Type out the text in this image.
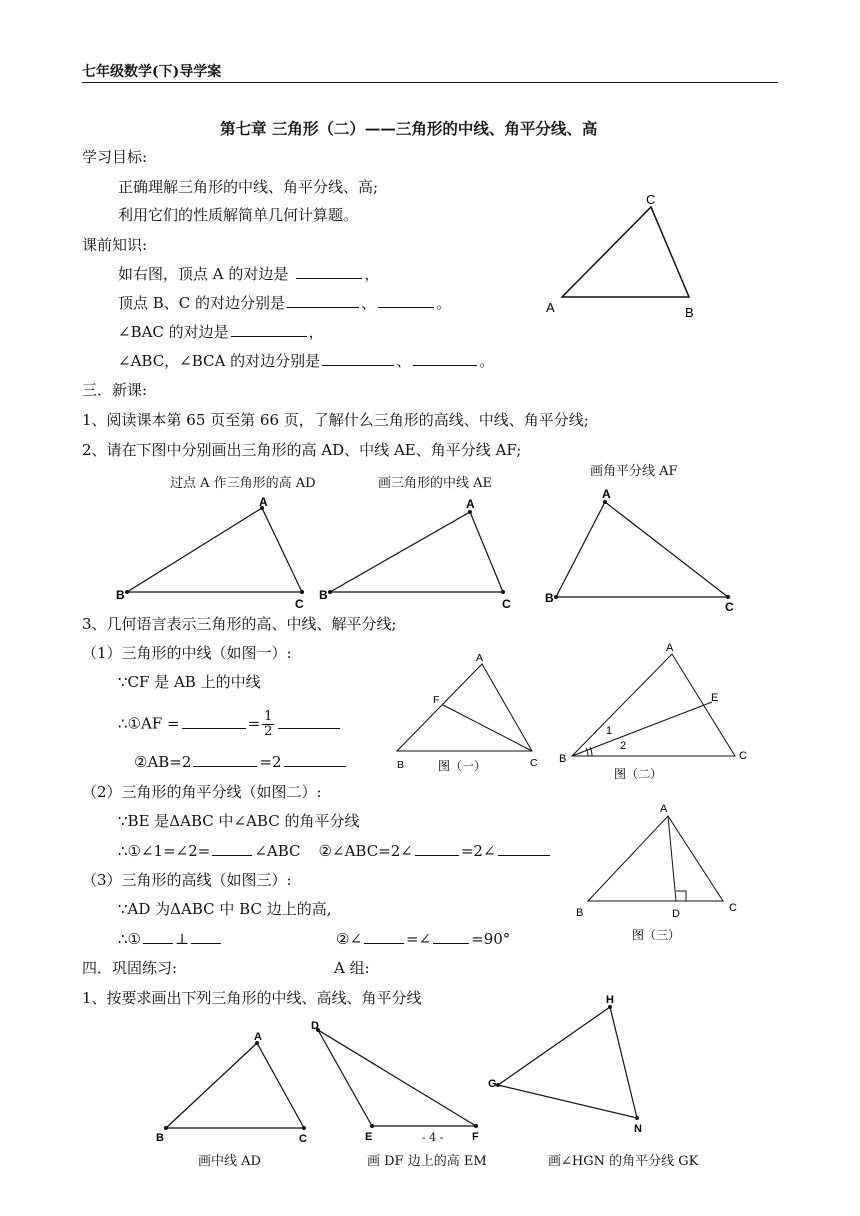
七年级数学(下)导学案
第七章 三角形（二）——三角形的中线、角平分线、高
学习目标:
正确理解三角形的中线、角平分线、高;
利用它们的性质解简单几何计算题。
课前知识:
如右图，顶点 A 的对边是	，
顶点 B、C 的对边分别是	、	。
∠BAC 的对边是	，
∠ABC，∠BCA 的对边分别是	、	。
三．新课:
1、阅读课本第 65 页至第 66 页，了解什么三角形的高线、中线、角平分线;
2、请在下图中分别画出三角形的高 AD、中线 AE、角平分线 AF;
过点 A 作三角形的高 AD	画三角形的中线 AE
画角平分线 AF
3、几何语言表示三角形的高、中线、解平分线;
（1）三角形的中线（如图一）:
∵CF 是 AB 上的中线
∴①AF =	= $\frac{1}{2}$
②AB=2	=2
（2）三角形的角平分线（如图二）:
∵BE 是ΔABC 中∠ABC 的角平分线
∴①∠1=∠2=	∠ABC ②∠ABC=2∠	=2∠
（3）三角形的高线（如图三）:
∵AD 为ΔABC 中 BC 边上的高,
∴① ⊥	②∠	=∠	=90°
四．巩固练习:	A 组:
1、按要求画出下列三角形的中线、高线、角平分线
画中线 AD	画 DF 边上的高 EM	画∠HGN 的角平分线 GK
- 4 -
C
A	B
B
A
C
B
A
C	B
A
C
A
F
B	C
图（一）
A
E
B	C
1
2
图（二）
A
B	C
D
图（三）
A
B	C
D
E	F
G
H
N
